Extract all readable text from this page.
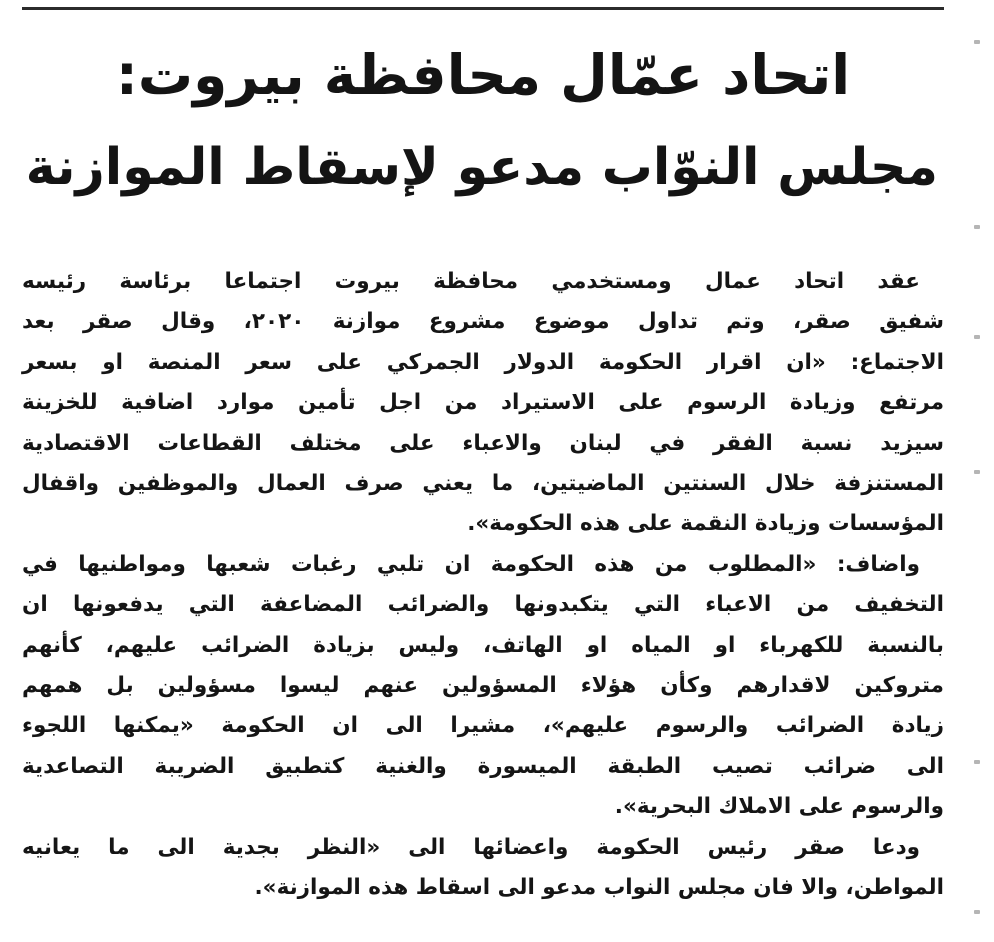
اتحاد عمّال محافظة بيروت:
مجلس النوّاب مدعو لإسقاط الموازنة

عقد اتحاد عمال ومستخدمي محافظة بيروت اجتماعا برئاسة رئيسه
شفيق صقر، وتم تداول موضوع مشروع موازنة ٢٠٢٠، وقال صقر بعد
الاجتماع: «ان اقرار الحكومة الدولار الجمركي على سعر المنصة او بسعر
مرتفع وزيادة الرسوم على الاستيراد من اجل تأمين موارد اضافية للخزينة
سيزيد نسبة الفقر في لبنان والاعباء على مختلف القطاعات الاقتصادية
المستنزفة خلال السنتين الماضيتين، ما يعني صرف العمال والموظفين واقفال
المؤسسات وزيادة النقمة على هذه الحكومة».

واضاف: «المطلوب من هذه الحكومة ان تلبي رغبات شعبها ومواطنيها في
التخفيف من الاعباء التي يتكبدونها والضرائب المضاعفة التي يدفعونها ان
بالنسبة للكهرباء او المياه او الهاتف، وليس بزيادة الضرائب عليهم، كأنهم
متروكين لاقدارهم وكأن هؤلاء المسؤولين عنهم ليسوا مسؤولين بل همهم
زيادة الضرائب والرسوم عليهم»، مشيرا الى ان الحكومة «يمكنها اللجوء
الى ضرائب تصيب الطبقة الميسورة والغنية كتطبيق الضريبة التصاعدية
والرسوم على الاملاك البحرية».

ودعا صقر رئيس الحكومة واعضائها الى «النظر بجدية الى ما يعانيه
المواطن، والا فان مجلس النواب مدعو الى اسقاط هذه الموازنة».
